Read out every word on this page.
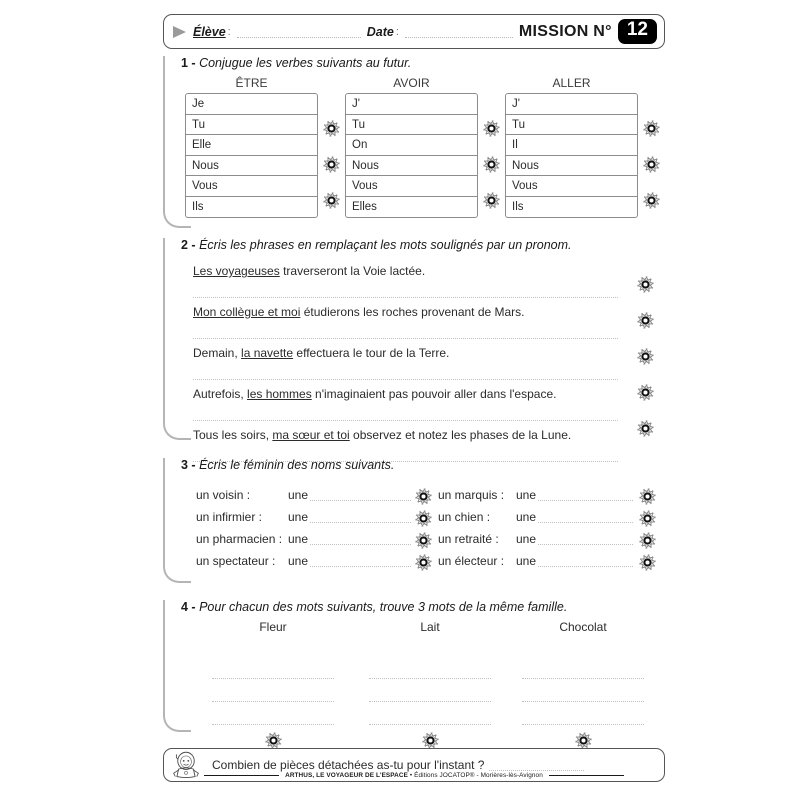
Élève :	Date :	MISSION N° 12
1 - Conjugue les verbes suivants au futur.
ÊTRE
Je
Tu
Elle
Nous
Vous
Ils
AVOIR
J'
Tu
On
Nous
Vous
Elles
ALLER
J'
Tu
Il
Nous
Vous
Ils
2 - Écris les phrases en remplaçant les mots soulignés par un pronom.
Les voyageuses traverseront la Voie lactée.
Mon collègue et moi étudierons les roches provenant de Mars.
Demain, la navette effectuera le tour de la Terre.
Autrefois, les hommes n'imaginaient pas pouvoir aller dans l'espace.
Tous les soirs, ma sœur et toi observez et notez les phases de la Lune.
3 - Écris le féminin des noms suivants.
un voisin :	une
un infirmier :	une
un pharmacien : une
un spectateur :	une
un marquis : une
un chien :	une
un retraité :	une
un électeur : une
4 - Pour chacun des mots suivants, trouve 3 mots de la même famille.
Fleur	Lait	Chocolat
Combien de pièces détachées as-tu pour l'instant ?
ARTHUS, LE VOYAGEUR DE L'ESPACE • Éditions JOCATOP® - Morières-lès-Avignon
